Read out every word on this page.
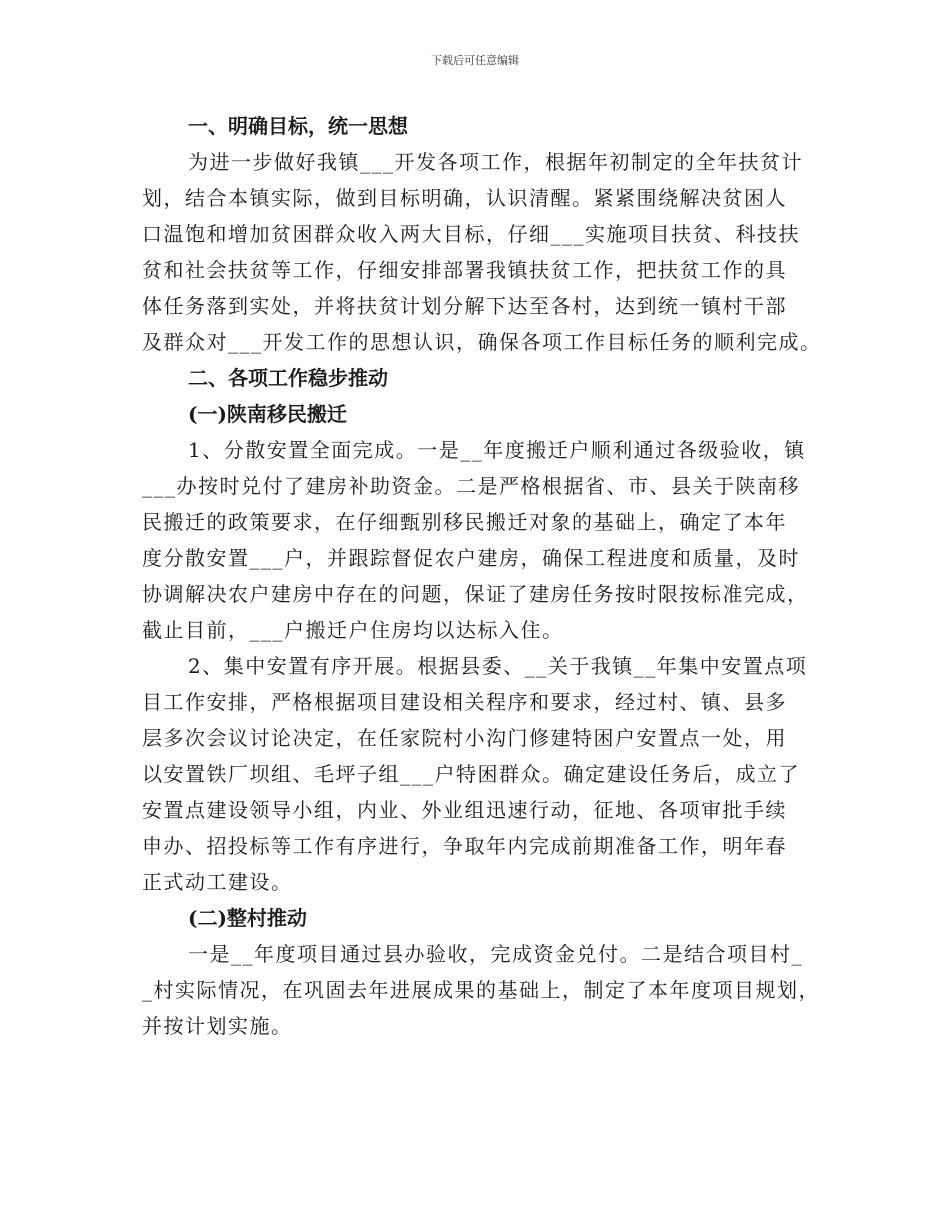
下载后可任意编辑
一、明确目标，统一思想

为进一步做好我镇___开发各项工作，根据年初制定的全年扶贫计
划，结合本镇实际，做到目标明确，认识清醒。紧紧围绕解决贫困人
口温饱和增加贫困群众收入两大目标，仔细___实施项目扶贫、科技扶
贫和社会扶贫等工作，仔细安排部署我镇扶贫工作，把扶贫工作的具
体任务落到实处，并将扶贫计划分解下达至各村，达到统一镇村干部
及群众对___开发工作的思想认识，确保各项工作目标任务的顺利完成。

二、各项工作稳步推动
(一)陕南移民搬迁

1、分散安置全面完成。一是__年度搬迁户顺利通过各级验收，镇
___办按时兑付了建房补助资金。二是严格根据省、市、县关于陕南移
民搬迁的政策要求，在仔细甄别移民搬迁对象的基础上，确定了本年
度分散安置___户，并跟踪督促农户建房，确保工程进度和质量，及时
协调解决农户建房中存在的问题，保证了建房任务按时限按标准完成，
截止目前，___户搬迁户住房均以达标入住。

2、集中安置有序开展。根据县委、__关于我镇__年集中安置点项
目工作安排，严格根据项目建设相关程序和要求，经过村、镇、县多
层多次会议讨论决定，在任家院村小沟门修建特困户安置点一处，用
以安置铁厂坝组、毛坪子组___户特困群众。确定建设任务后，成立了
安置点建设领导小组，内业、外业组迅速行动，征地、各项审批手续
申办、招投标等工作有序进行，争取年内完成前期准备工作，明年春
正式动工建设。

(二)整村推动

一是__年度项目通过县办验收，完成资金兑付。二是结合项目村_
_村实际情况，在巩固去年进展成果的基础上，制定了本年度项目规划，
并按计划实施。
